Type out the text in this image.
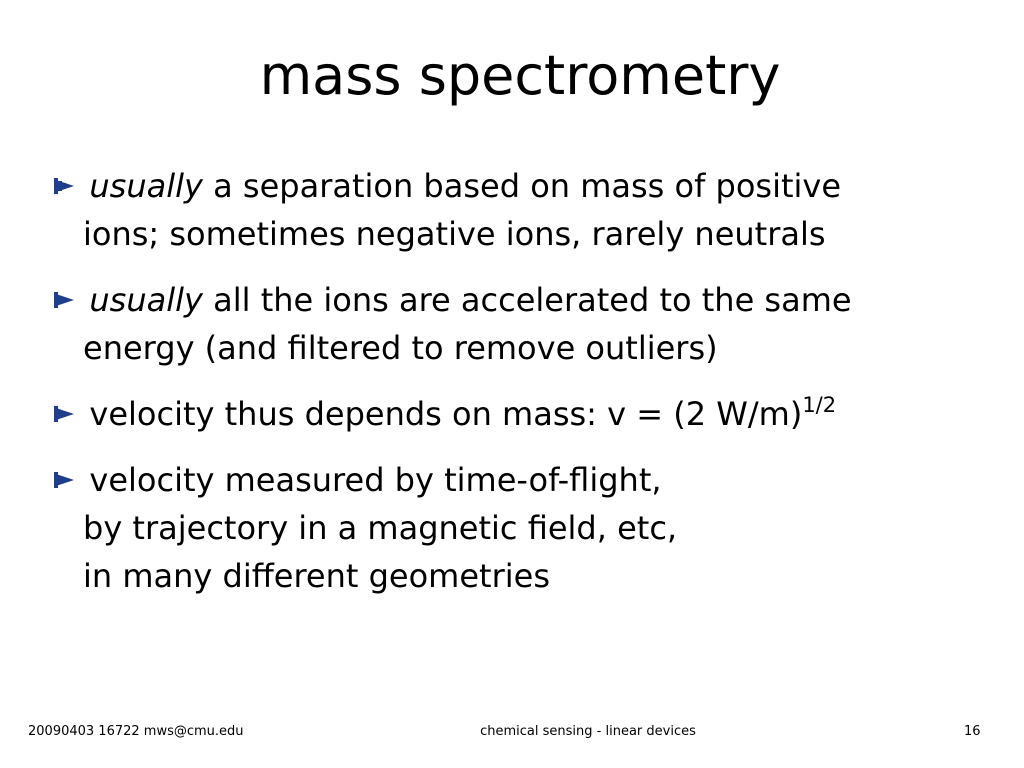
mass spectrometry
 usually a separation based on mass of positive
ions; sometimes negative ions, rarely neutrals
 usually all the ions are accelerated to the same
energy (and filtered to remove outliers)
 velocity thus depends on mass: v = (2 W/m)$^{1/2}$
 velocity measured by time-of-flight,
by trajectory in a magnetic field, etc,
in many different geometries
20090403 16722 mws@cmu.edu	chemical sensing - linear devices	16
